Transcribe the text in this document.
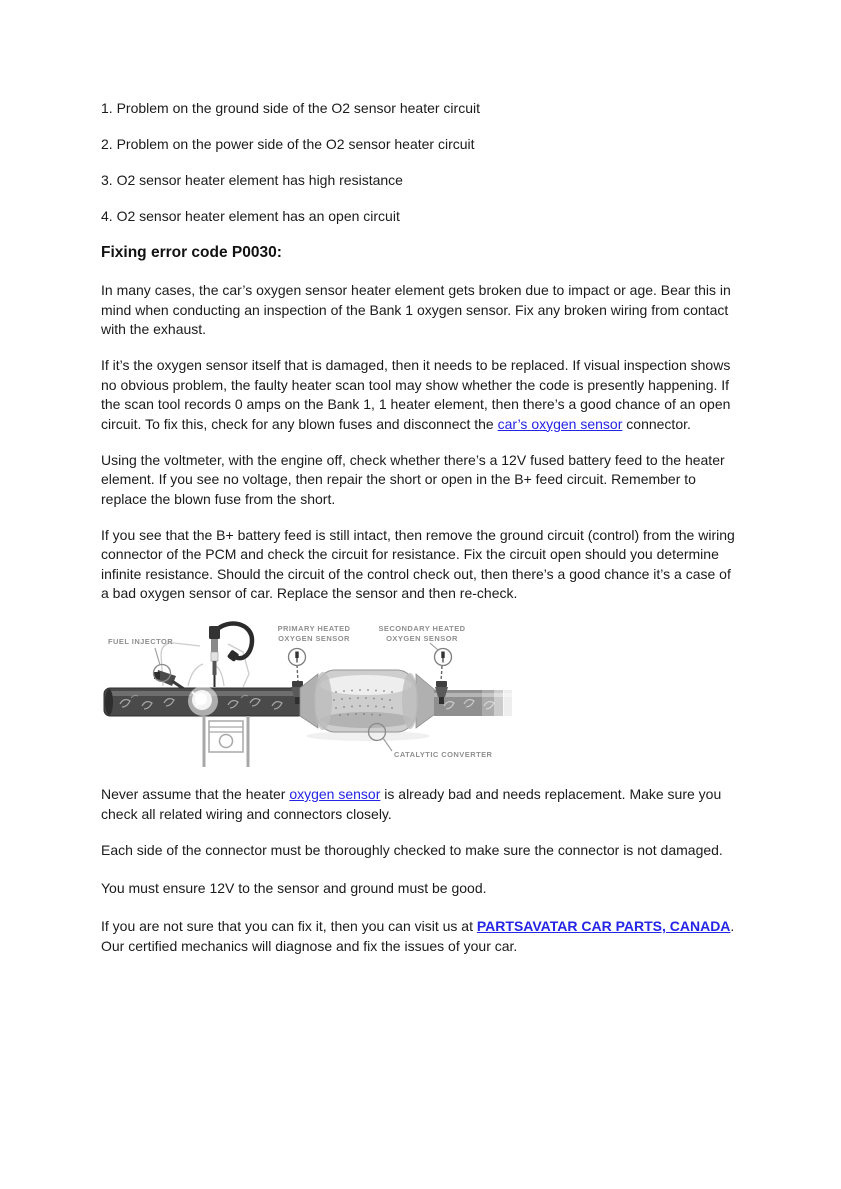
1. Problem on the ground side of the O2 sensor heater circuit

2. Problem on the power side of the O2 sensor heater circuit

3. O2 sensor heater element has high resistance

4. O2 sensor heater element has an open circuit

Fixing error code P0030:

In many cases, the car’s oxygen sensor heater element gets broken due to impact or age. Bear this in mind when conducting an inspection of the Bank 1 oxygen sensor. Fix any broken wiring from contact with the exhaust.

If it’s the oxygen sensor itself that is damaged, then it needs to be replaced. If visual inspection shows no obvious problem, the faulty heater scan tool may show whether the code is presently happening. If the scan tool records 0 amps on the Bank 1, 1 heater element, then there’s a good chance of an open circuit. To fix this, check for any blown fuses and disconnect the car’s oxygen sensor connector.

Using the voltmeter, with the engine off, check whether there’s a 12V fused battery feed to the heater element. If you see no voltage, then repair the short or open in the B+ feed circuit. Remember to replace the blown fuse from the short.

If you see that the B+ battery feed is still intact, then remove the ground circuit (control) from the wiring connector of the PCM and check the circuit for resistance. Fix the circuit open should you determine infinite resistance. Should the circuit of the control check out, then there’s a good chance it’s a case of a bad oxygen sensor of car. Replace the sensor and then re-check.

FUEL INJECTOR
PRIMARY HEATED
OXYGEN SENSOR
SECONDARY HEATED
OXYGEN SENSOR
CATALYTIC CONVERTER

Never assume that the heater oxygen sensor is already bad and needs replacement. Make sure you check all related wiring and connectors closely.

Each side of the connector must be thoroughly checked to make sure the connector is not damaged.

You must ensure 12V to the sensor and ground must be good.

If you are not sure that you can fix it, then you can visit us at PARTSAVATAR CAR PARTS, CANADA. Our certified mechanics will diagnose and fix the issues of your car.
